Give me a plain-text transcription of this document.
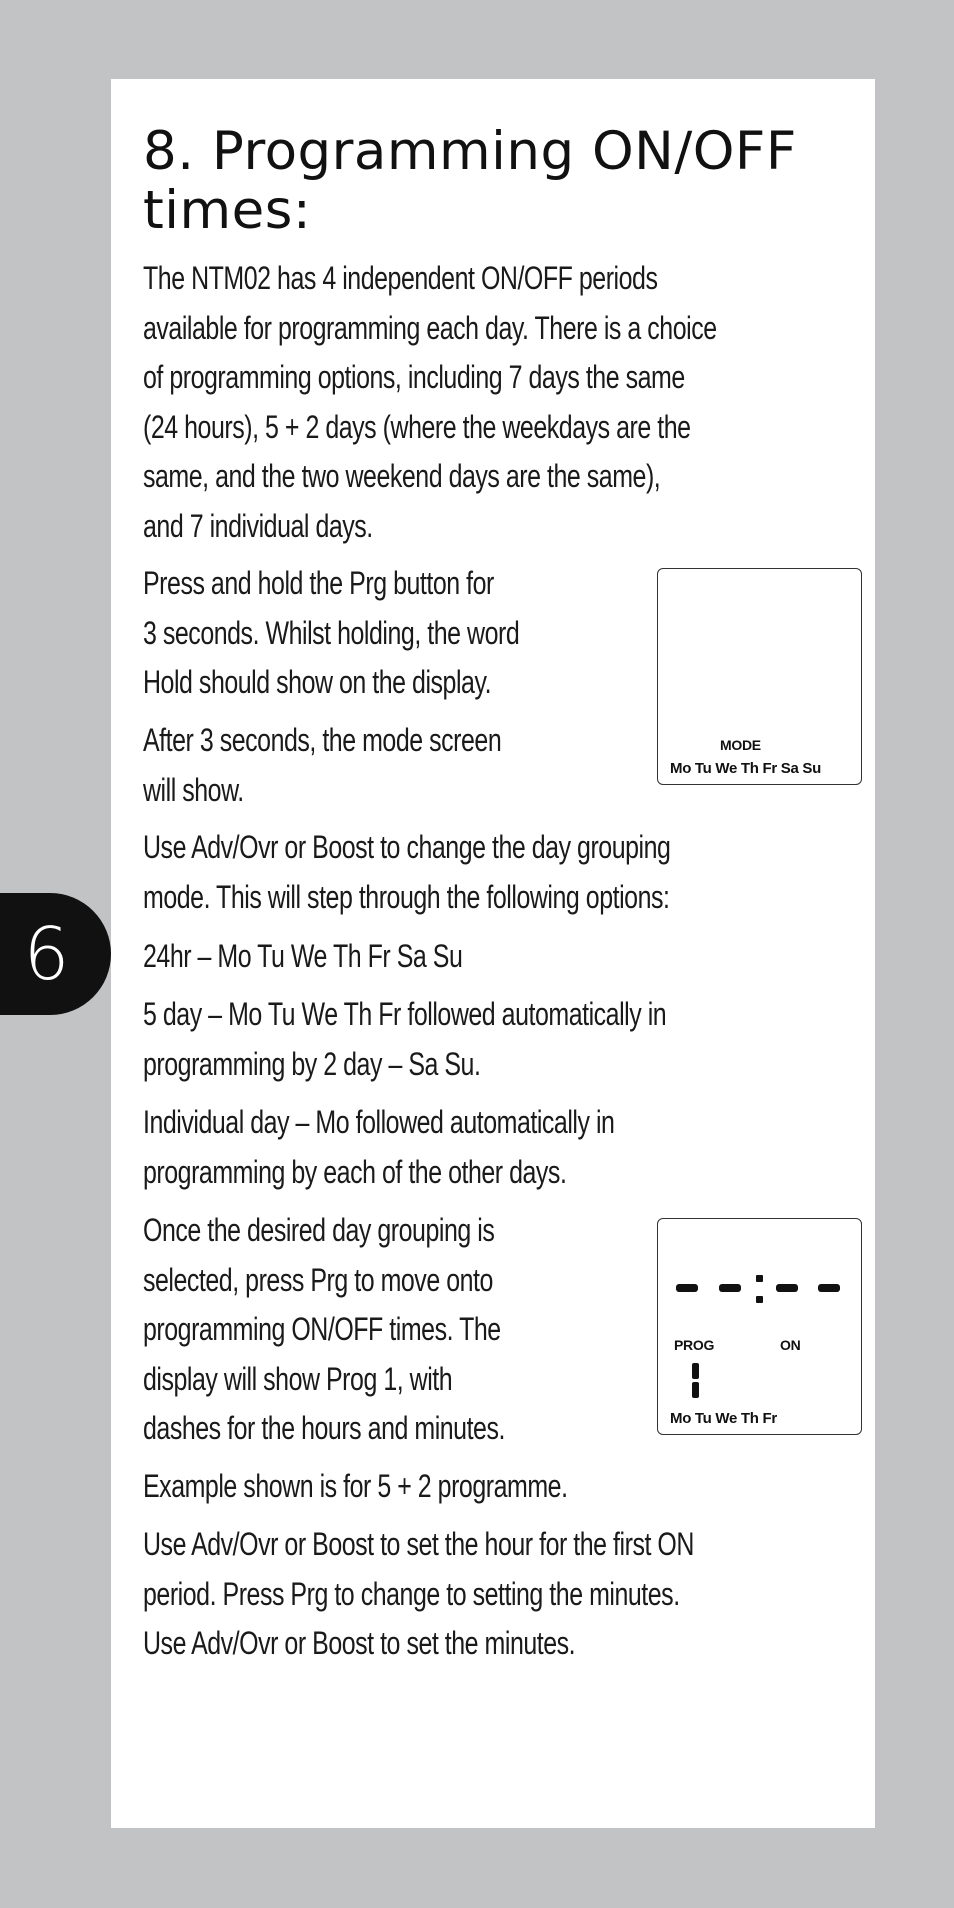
6
8. Programming ON/OFF
times:

The NTM02 has 4 independent ON/OFF periods
available for programming each day. There is a choice
of programming options, including 7 days the same
(24 hours), 5 + 2 days (where the weekdays are the
same, and the two weekend days are the same),
and 7 individual days.

Press and hold the Prg button for
3 seconds. Whilst holding, the word
Hold should show on the display.

After 3 seconds, the mode screen
will show.

MODE
Mo Tu We Th Fr Sa Su

Use Adv/Ovr or Boost to change the day grouping
mode. This will step through the following options:

24hr – Mo Tu We Th Fr Sa Su

5 day – Mo Tu We Th Fr followed automatically in
programming by 2 day – Sa Su.

Individual day – Mo followed automatically in
programming by each of the other days.

Once the desired day grouping is
selected, press Prg to move onto
programming ON/OFF times. The
display will show Prog 1, with
dashes for the hours and minutes.

PROG	ON
Mo Tu We Th Fr

Example shown is for 5 + 2 programme.

Use Adv/Ovr or Boost to set the hour for the first ON
period. Press Prg to change to setting the minutes.
Use Adv/Ovr or Boost to set the minutes.
